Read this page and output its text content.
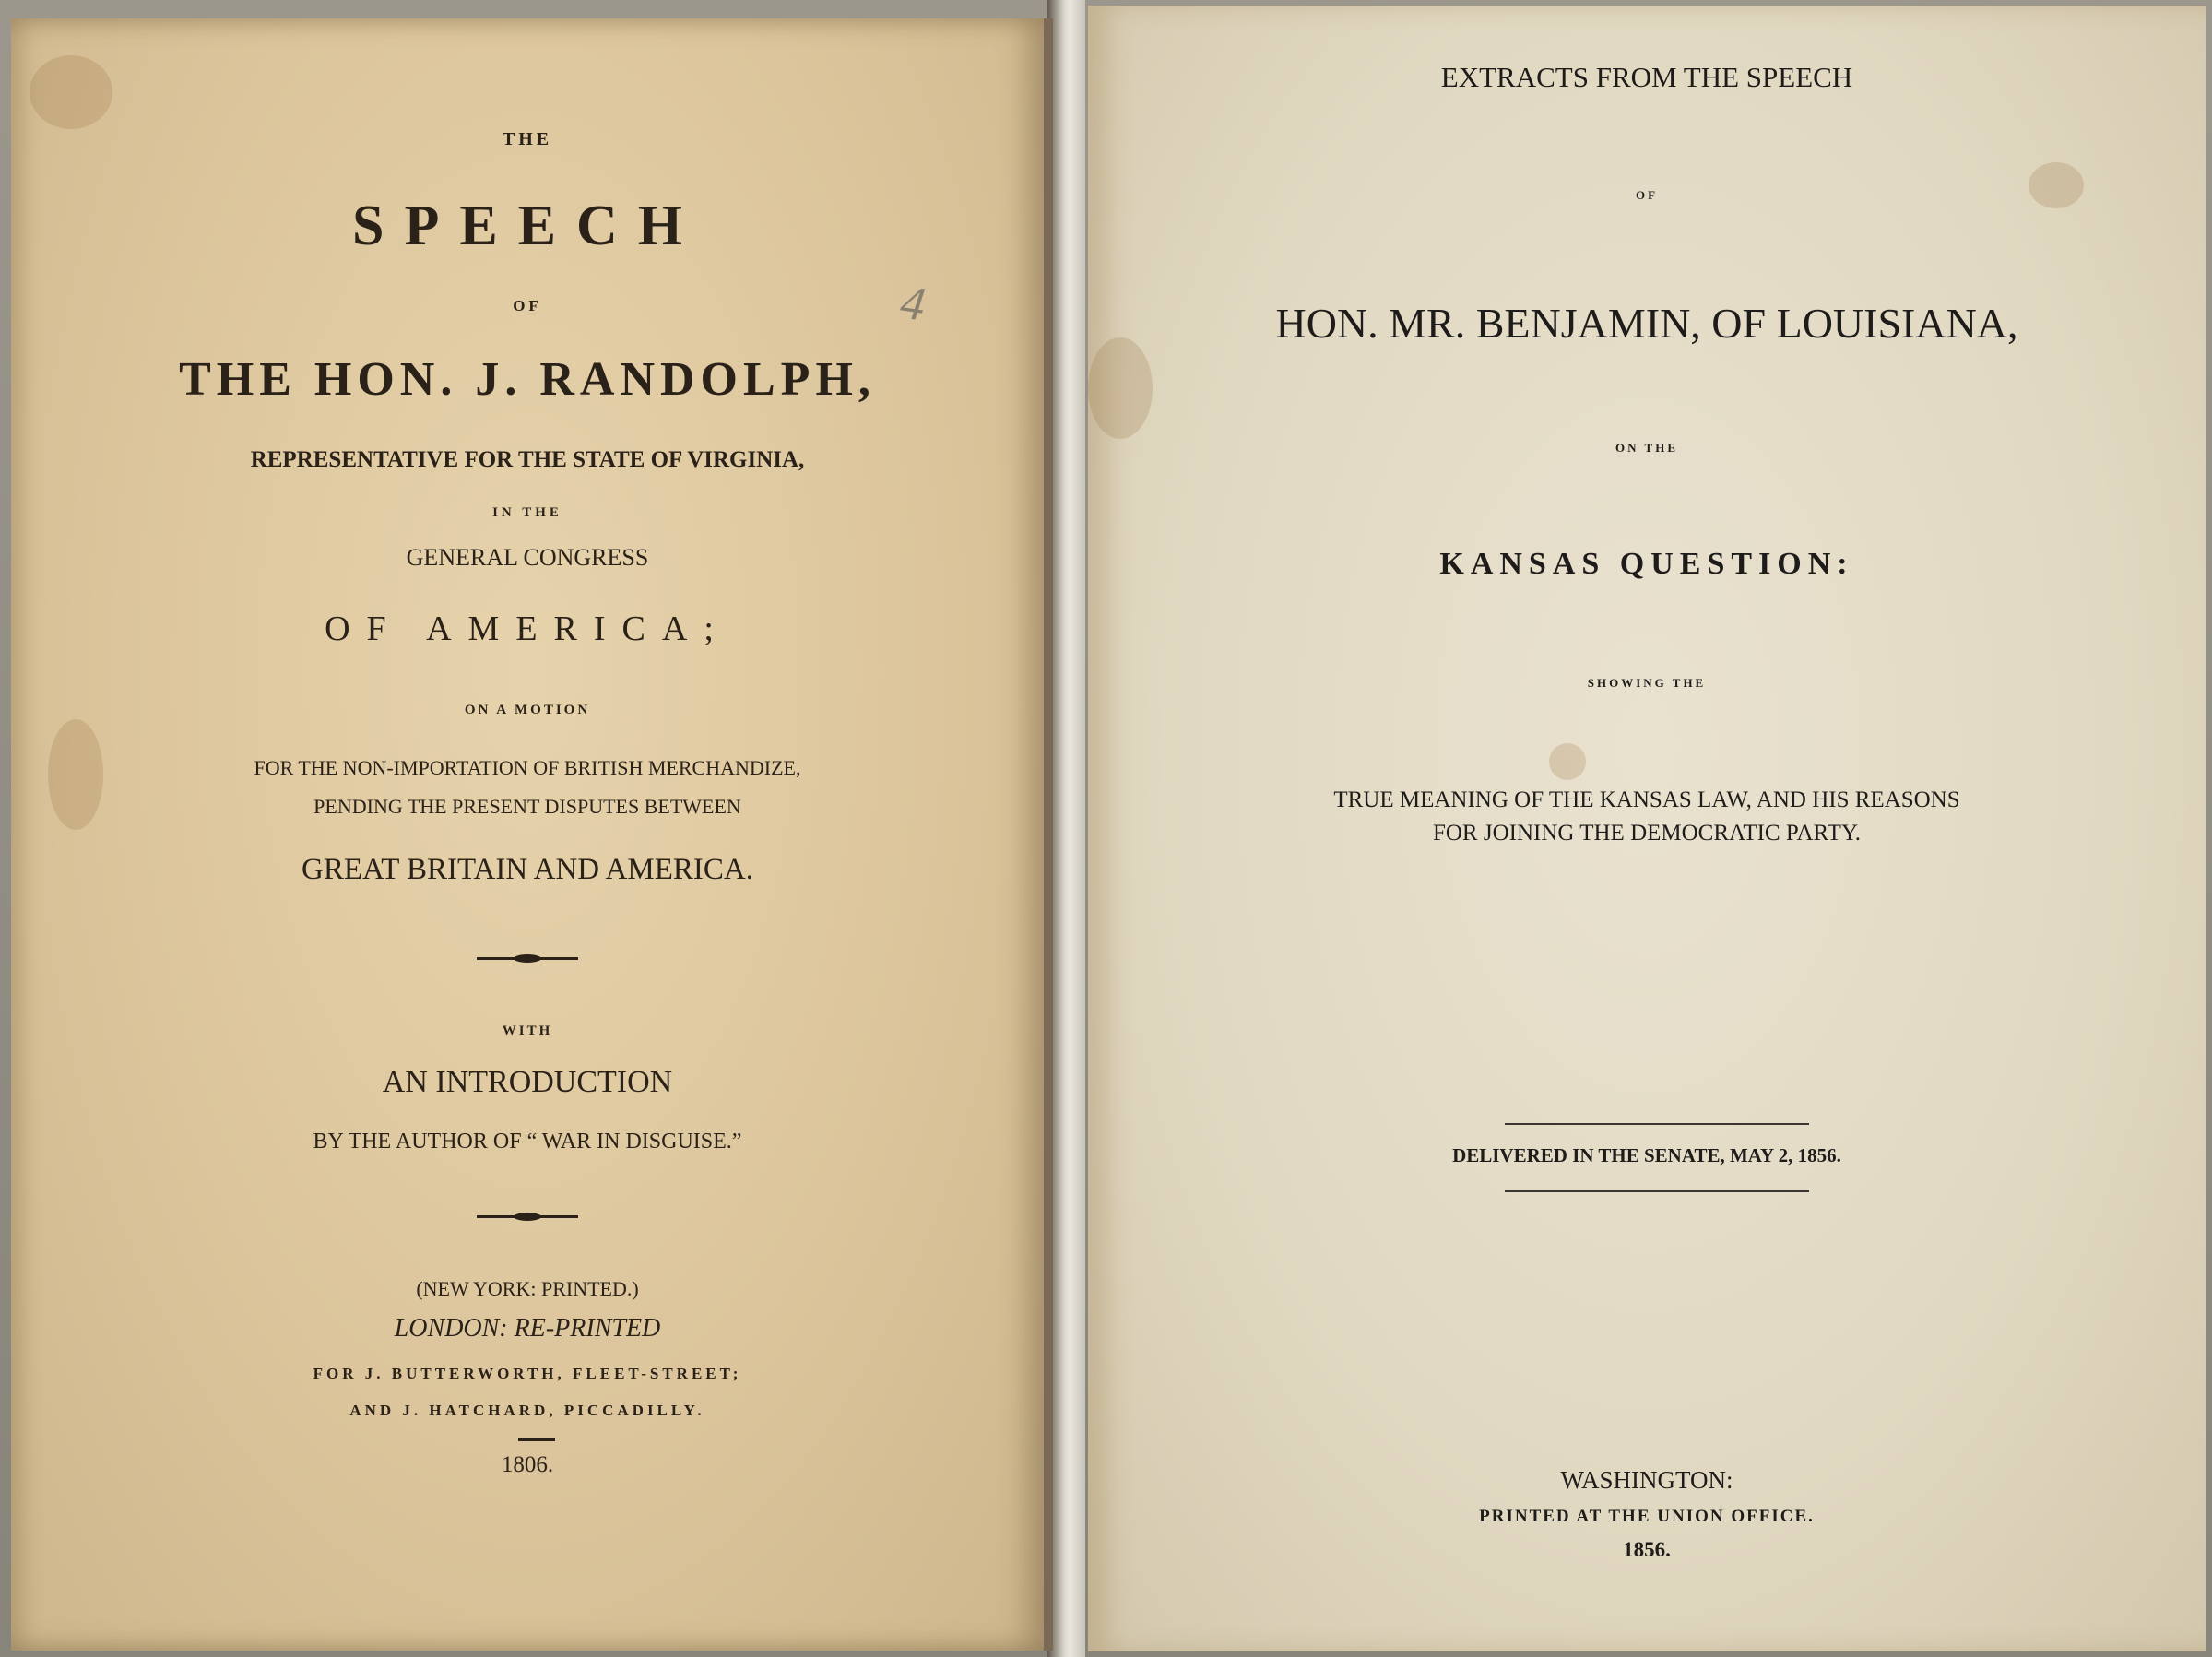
THE
SPEECH
OF
THE HON. J. RANDOLPH,
REPRESENTATIVE FOR THE STATE OF VIRGINIA,
IN THE
GENERAL CONGRESS
OF AMERICA;
ON A MOTION
FOR THE NON-IMPORTATION OF BRITISH MERCHANDIZE,
PENDING THE PRESENT DISPUTES BETWEEN
GREAT BRITAIN AND AMERICA.
WITH
AN INTRODUCTION
BY THE AUTHOR OF “ WAR IN DISGUISE.”
(NEW YORK: PRINTED.)
LONDON: RE-PRINTED
FOR J. BUTTERWORTH, FLEET-STREET;
AND J. HATCHARD, PICCADILLY.
1806.
4
EXTRACTS FROM THE SPEECH
OF
HON. MR. BENJAMIN, OF LOUISIANA,
ON THE
KANSAS QUESTION:
SHOWING THE
TRUE MEANING OF THE KANSAS LAW, AND HIS REASONS
FOR JOINING THE DEMOCRATIC PARTY.
DELIVERED IN THE SENATE, MAY 2, 1856.
WASHINGTON:
PRINTED AT THE UNION OFFICE.
1856.
